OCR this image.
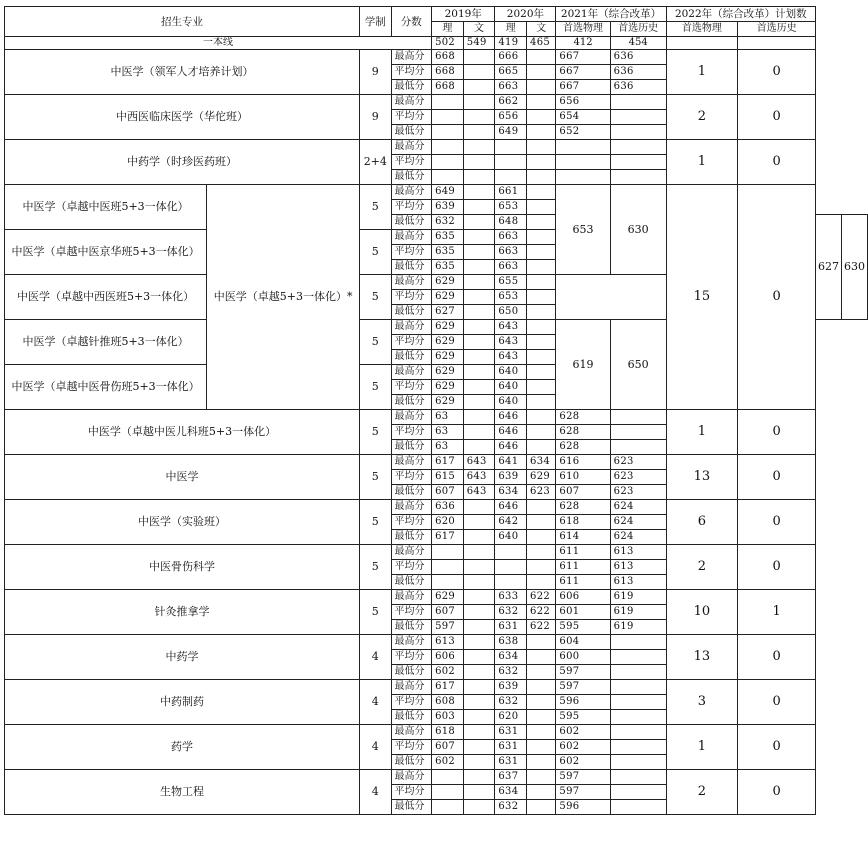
招生专业		学制	分数	2019年		2020年		2021年（综合改革）		2022年（综合改革）计划数			
				理	文	理	文	首选物理	首选历史	首选物理	首选历史		
一本线				502	549	419	465	412	454				
中医学（领军人才培养计划）		9	最高分	668		666		667	636	1	0		
			平均分	668		665		667	636				
			最低分	668		663		667	636				
中西医临床医学（华佗班）		9	最高分			662		656		2	0		
			平均分			656		654					
			最低分			649		652					
中药学（时珍医药班）		2+4	最高分							1	0		
			平均分										
			最低分										
中医学（卓越中医班5+3一体化）	中医学（卓越5+3一体化）*	5	最高分	649		661		653	630	15	0		
			平均分	639		653							
			最低分	632		648						627	630
中医学（卓越中医京华班5+3一体化）		5	最高分	635		663							
			平均分	635		663							
			最低分	635		663							
中医学（卓越中西医班5+3一体化）		5	最高分	629		655							
			平均分	629		653							
			最低分	627		650							
中医学（卓越针推班5+3一体化）		5	最高分	629		643		619	650				
			平均分	629		643							
			最低分	629		643							
中医学（卓越中医骨伤班5+3一体化）		5	最高分	629		640							
			平均分	629		640							
			最低分	629		640							
中医学（卓越中医儿科班5+3一体化）		5	最高分	63		646		628		1	0		
			平均分	63		646		628					
			最低分	63		646		628					
中医学		5	最高分	617	643	641	634	616	623	13	0		
			平均分	615	643	639	629	610	623				
			最低分	607	643	634	623	607	623				
中医学（实验班）		5	最高分	636		646		628	624	6	0		
			平均分	620		642		618	624				
			最低分	617		640		614	624				
中医骨伤科学		5	最高分					611	613	2	0		
			平均分					611	613				
			最低分					611	613				
针灸推拿学		5	最高分	629		633	622	606	619	10	1		
			平均分	607		632	622	601	619				
			最低分	597		631	622	595	619				
中药学		4	最高分	613		638		604		13	0		
			平均分	606		634		600					
			最低分	602		632		597					
中药制药		4	最高分	617		639		597		3	0		
			平均分	608		632		596					
			最低分	603		620		595					
药学		4	最高分	618		631		602		1	0		
			平均分	607		631		602					
			最低分	602		631		602					
生物工程		4	最高分			637		597		2	0		
			平均分			634		597					
			最低分			632		596					
